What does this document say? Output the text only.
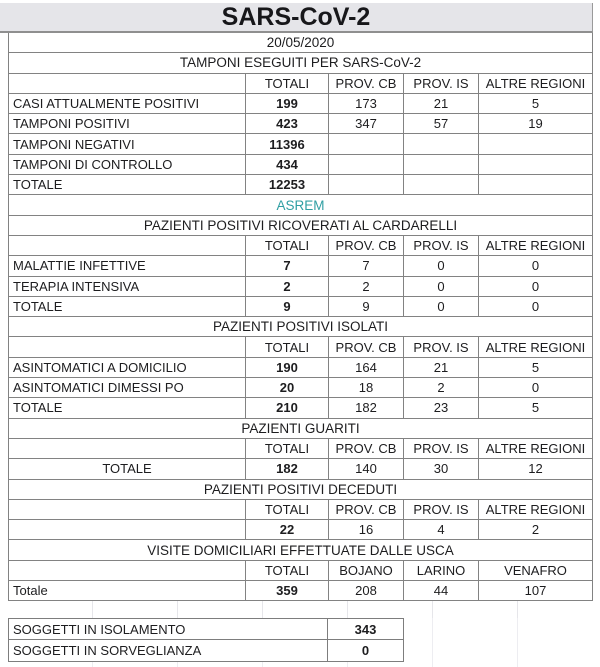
SARS-CoV-2
20/05/2020
TAMPONI ESEGUITI PER SARS-CoV-2
TOTALI	PROV. CB	PROV. IS	ALTRE REGIONI
CASI ATTUALMENTE POSITIVI	199	173	21	5
TAMPONI POSITIVI	423	347	57	19
TAMPONI NEGATIVI	11396
TAMPONI DI CONTROLLO	434
TOTALE	12253
ASREM
PAZIENTI POSITIVI RICOVERATI AL CARDARELLI
TOTALI	PROV. CB	PROV. IS	ALTRE REGIONI
MALATTIE INFETTIVE	7	7	0	0
TERAPIA INTENSIVA	2	2	0	0
TOTALE	9	9	0	0
PAZIENTI POSITIVI ISOLATI
TOTALI	PROV. CB	PROV. IS	ALTRE REGIONI
ASINTOMATICI A DOMICILIO	190	164	21	5
ASINTOMATICI DIMESSI PO	20	18	2	0
TOTALE	210	182	23	5
PAZIENTI GUARITI
TOTALI	PROV. CB	PROV. IS	ALTRE REGIONI
TOTALE	182	140	30	12
PAZIENTI POSITIVI DECEDUTI
TOTALI	PROV. CB	PROV. IS	ALTRE REGIONI
22	16	4	2
VISITE DOMICILIARI EFFETTUATE DALLE USCA
TOTALI	BOJANO	LARINO	VENAFRO
Totale	359	208	44	107
SOGGETTI IN ISOLAMENTO	343
SOGGETTI IN SORVEGLIANZA	0
